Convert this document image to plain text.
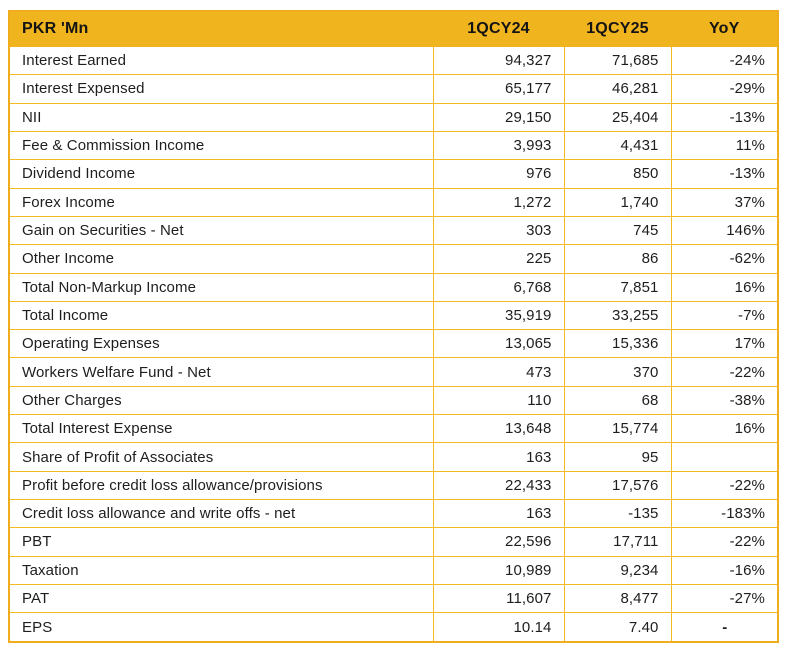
PKR 'Mn	1QCY24	1QCY25	YoY
Interest Earned	94,327	71,685	-24%
Interest Expensed	65,177	46,281	-29%
NII	29,150	25,404	-13%
Fee & Commission Income	3,993	4,431	11%
Dividend Income	976	850	-13%
Forex Income	1,272	1,740	37%
Gain on Securities - Net	303	745	146%
Other Income	225	86	-62%
Total Non-Markup Income	6,768	7,851	16%
Total Income	35,919	33,255	-7%
Operating Expenses	13,065	15,336	17%
Workers Welfare Fund - Net	473	370	-22%
Other Charges	110	68	-38%
Total Interest Expense	13,648	15,774	16%
Share of Profit of Associates	163	95	
Profit before credit loss allowance/provisions	22,433	17,576	-22%
Credit loss allowance and write offs - net	163	-135	-183%
PBT	22,596	17,711	-22%
Taxation	10,989	9,234	-16%
PAT	11,607	8,477	-27%
EPS	10.14	7.40	-
